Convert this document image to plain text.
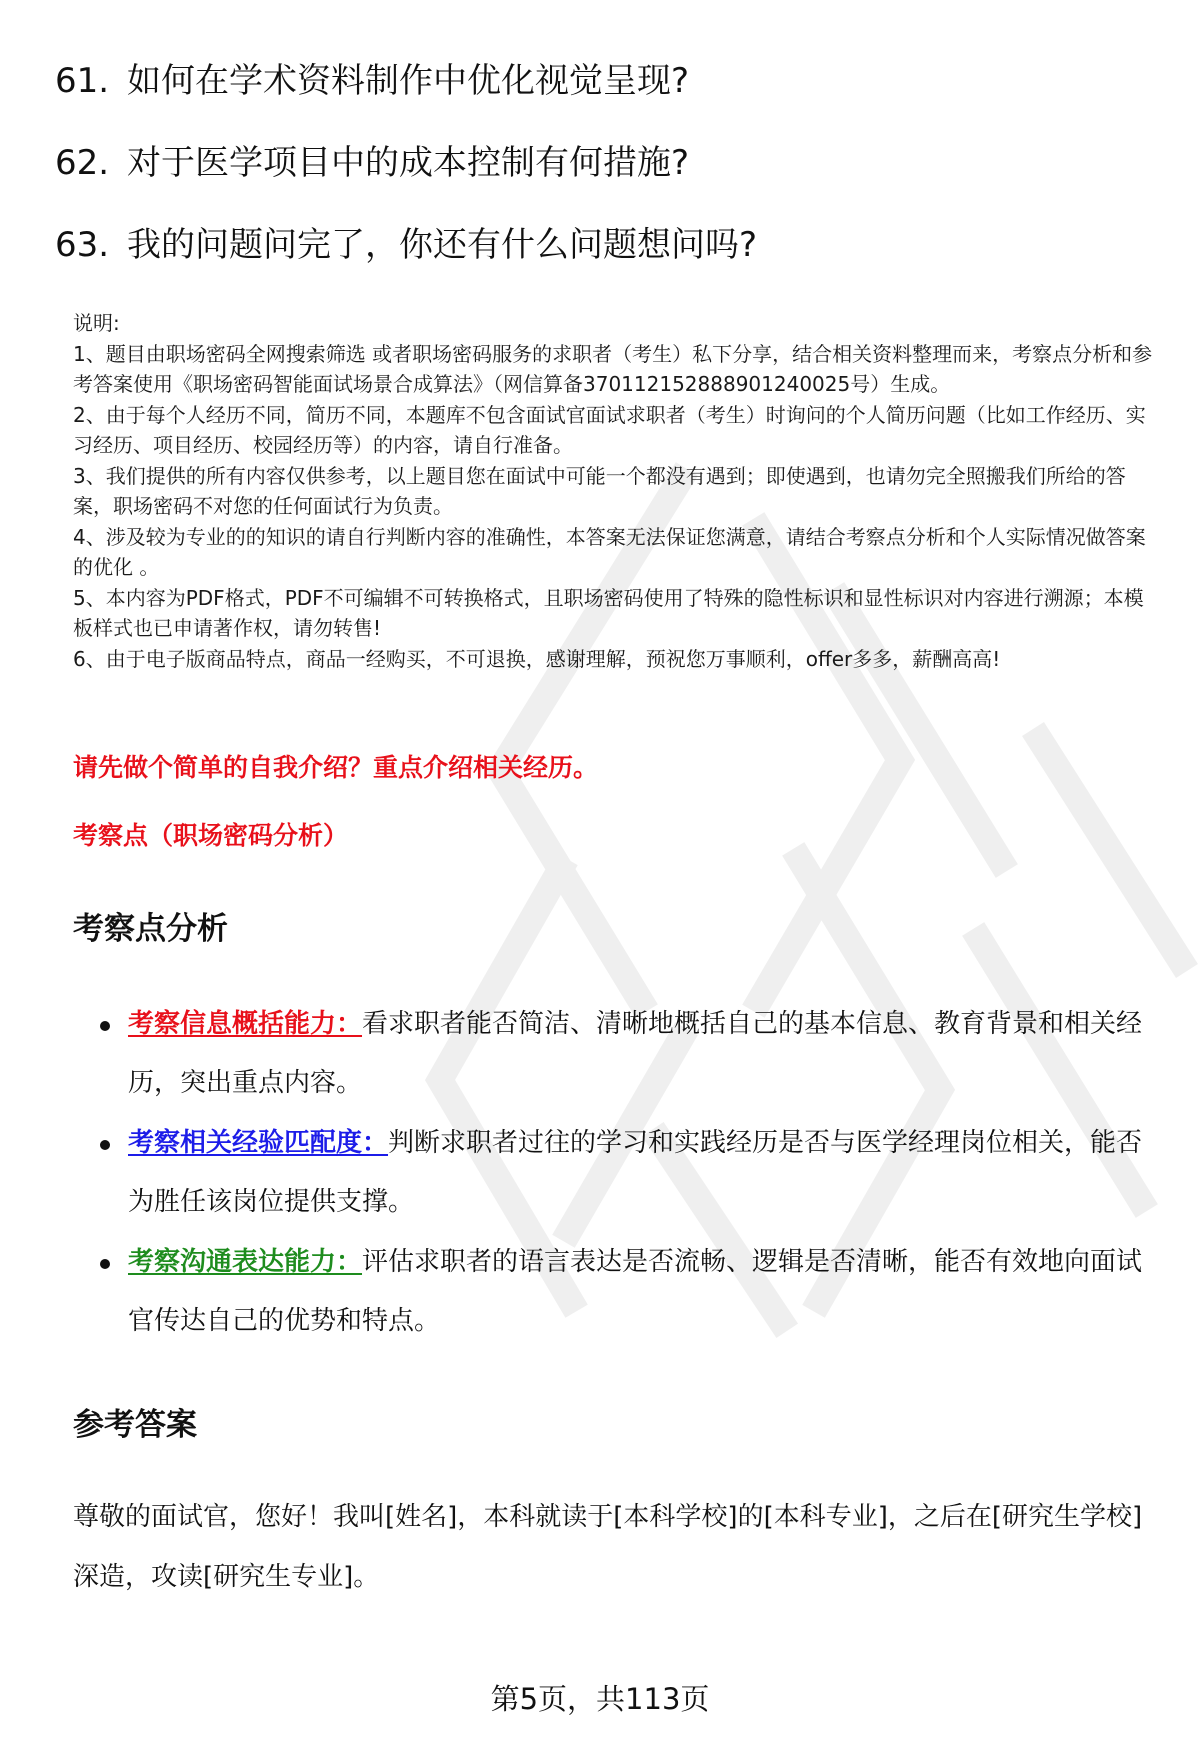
61. 如何在学术资料制作中优化视觉呈现?
62. 对于医学项目中的成本控制有何措施?
63. 我的问题问完了，你还有什么问题想问吗?

说明:

1、题目由职场密码全网搜索筛选 或者职场密码服务的求职者（考生）私下分享，结合相关资料整理而来，考察点分析和参考答案使用《职场密码智能面试场景合成算法》（网信算备370112152888901240025号）生成。

2、由于每个人经历不同，简历不同，本题库不包含面试官面试求职者（考生）时询问的个人简历问题（比如工作经历、实习经历、项目经历、校园经历等）的内容，请自行准备。

3、我们提供的所有内容仅供参考，以上题目您在面试中可能一个都没有遇到；即使遇到，也请勿完全照搬我们所给的答案，职场密码不对您的任何面试行为负责。

4、涉及较为专业的的知识的请自行判断内容的准确性，本答案无法保证您满意，请结合考察点分析和个人实际情况做答案的优化 。

5、本内容为PDF格式，PDF不可编辑不可转换格式，且职场密码使用了特殊的隐性标识和显性标识对内容进行溯源；本模板样式也已申请著作权，请勿转售!

6、由于电子版商品特点，商品一经购买，不可退换，感谢理解，预祝您万事顺利，offer多多，薪酬高高!

请先做个简单的自我介绍？重点介绍相关经历。
考察点（职场密码分析）
考察点分析
考察信息概括能力：看求职者能否简洁、清晰地概括自己的基本信息、教育背景和相关经历，突出重点内容。
考察相关经验匹配度：判断求职者过往的学习和实践经历是否与医学经理岗位相关，能否为胜任该岗位提供支撑。
考察沟通表达能力：评估求职者的语言表达是否流畅、逻辑是否清晰，能否有效地向面试官传达自己的优势和特点。
参考答案

尊敬的面试官，您好！我叫[姓名]，本科就读于[本科学校]的[本科专业]，之后在[研究生学校]深造，攻读[研究生专业]。

第5页，共113页
